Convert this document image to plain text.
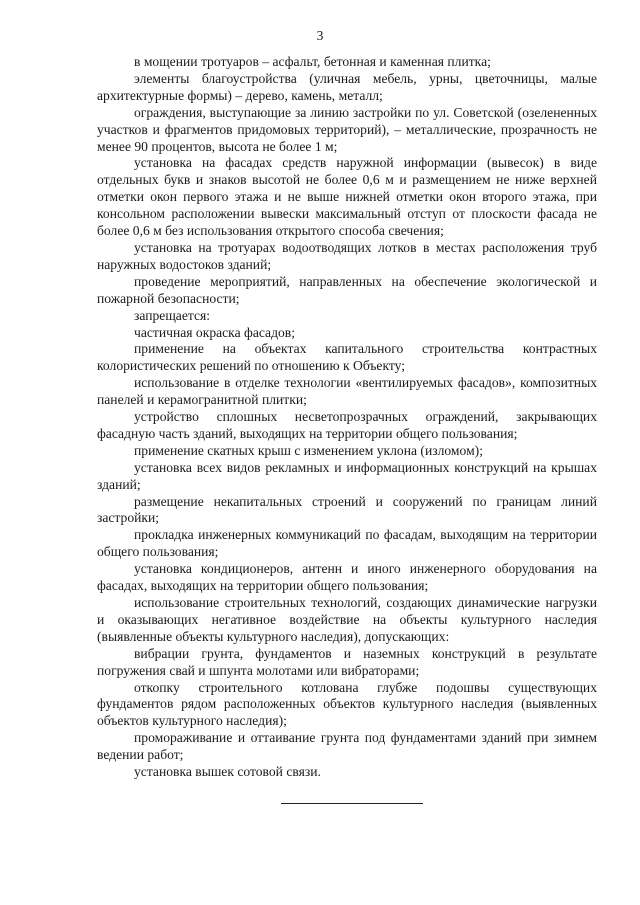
3

в мощении тротуаров – асфальт, бетонная и каменная плитка;

элементы благоустройства (уличная мебель, урны, цветочницы, малые архитектурные формы) – дерево, камень, металл;

ограждения, выступающие за линию застройки по ул. Советской (озелененных участков и фрагментов придомовых территорий), – металлические, прозрачность не менее 90 процентов, высота не более 1 м;

установка на фасадах средств наружной информации (вывесок) в виде отдельных букв и знаков высотой не более 0,6 м и размещением не ниже верхней отметки окон первого этажа и не выше нижней отметки окон второго этажа, при консольном расположении вывески максимальный отступ от плоскости фасада не более 0,6 м без использования открытого способа свечения;

установка на тротуарах водоотводящих лотков в местах расположения труб наружных водостоков зданий;

проведение мероприятий, направленных на обеспечение экологической и пожарной безопасности;

запрещается:

частичная окраска фасадов;

применение на объектах капитального строительства контрастных колористических решений по отношению к Объекту;

использование в отделке технологии «вентилируемых фасадов», композитных панелей и керамогранитной плитки;

устройство сплошных несветопрозрачных ограждений, закрывающих фасадную часть зданий, выходящих на территории общего пользования;

применение скатных крыш с изменением уклона (изломом);

установка всех видов рекламных и информационных конструкций на крышах зданий;

размещение некапитальных строений и сооружений по границам линий застройки;

прокладка инженерных коммуникаций по фасадам, выходящим на территории общего пользования;

установка кондиционеров, антенн и иного инженерного оборудования на фасадах, выходящих на территории общего пользования;

использование строительных технологий, создающих динамические нагрузки и оказывающих негативное воздействие на объекты культурного наследия (выявленные объекты культурного наследия), допускающих:

вибрации грунта, фундаментов и наземных конструкций в результате погружения свай и шпунта молотами или вибраторами;

откопку строительного котлована глубже подошвы существующих фундаментов рядом расположенных объектов культурного наследия (выявленных объектов культурного наследия);

промораживание и оттаивание грунта под фундаментами зданий при зимнем ведении работ;

установка вышек сотовой связи.
